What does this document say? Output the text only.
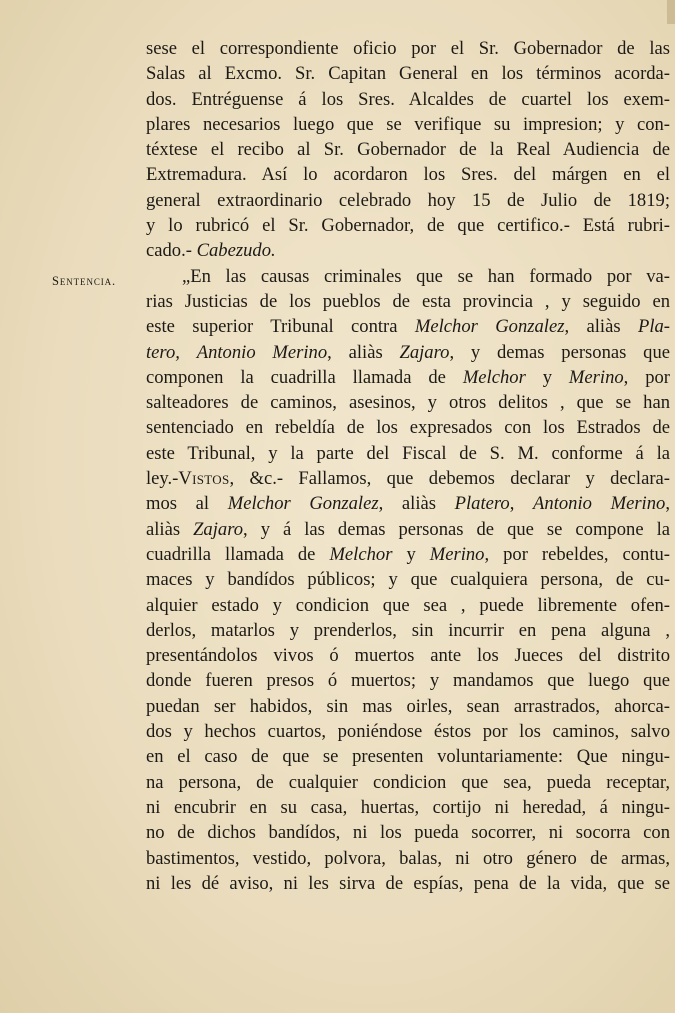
Sentencia.
sese el correspondiente oficio por el Sr. Gobernador de las
Salas al Excmo. Sr. Capitan General en los términos acorda-
dos. Entréguense á los Sres. Alcaldes de cuartel los exem-
plares necesarios luego que se verifique su impresion; y con-
téxtese el recibo al Sr. Gobernador de la Real Audiencia de
Extremadura. Así lo acordaron los Sres. del márgen en el
general extraordinario celebrado hoy 15 de Julio de 1819;
y lo rubricó el Sr. Gobernador, de que certifico.- Está rubri-
cado.- Cabezudo.
„En las causas criminales que se han formado por va-
rias Justicias de los pueblos de esta provincia , y seguido en
este superior Tribunal contra Melchor Gonzalez, aliàs Pla-
tero, Antonio Merino, aliàs Zajaro, y demas personas que
componen la cuadrilla llamada de Melchor y Merino, por
salteadores de caminos, asesinos, y otros delitos , que se han
sentenciado en rebeldía de los expresados con los Estrados de
este Tribunal, y la parte del Fiscal de S. M. conforme á la
ley.-Vistos, &c.- Fallamos, que debemos declarar y declara-
mos al Melchor Gonzalez, aliàs Platero, Antonio Merino,
aliàs Zajaro, y á las demas personas de que se compone la
cuadrilla llamada de Melchor y Merino, por rebeldes, contu-
maces y bandídos públicos; y que cualquiera persona, de cu-
alquier estado y condicion que sea , puede libremente ofen-
derlos, matarlos y prenderlos, sin incurrir en pena alguna ,
presentándolos vivos ó muertos ante los Jueces del distrito
donde fueren presos ó muertos; y mandamos que luego que
puedan ser habidos, sin mas oirles, sean arrastrados, ahorca-
dos y hechos cuartos, poniéndose éstos por los caminos, salvo
en el caso de que se presenten voluntariamente: Que ningu-
na persona, de cualquier condicion que sea, pueda receptar,
ni encubrir en su casa, huertas, cortijo ni heredad, á ningu-
no de dichos bandídos, ni los pueda socorrer, ni socorra con
bastimentos, vestido, polvora, balas, ni otro género de armas,
ni les dé aviso, ni les sirva de espías, pena de la vida, que se
